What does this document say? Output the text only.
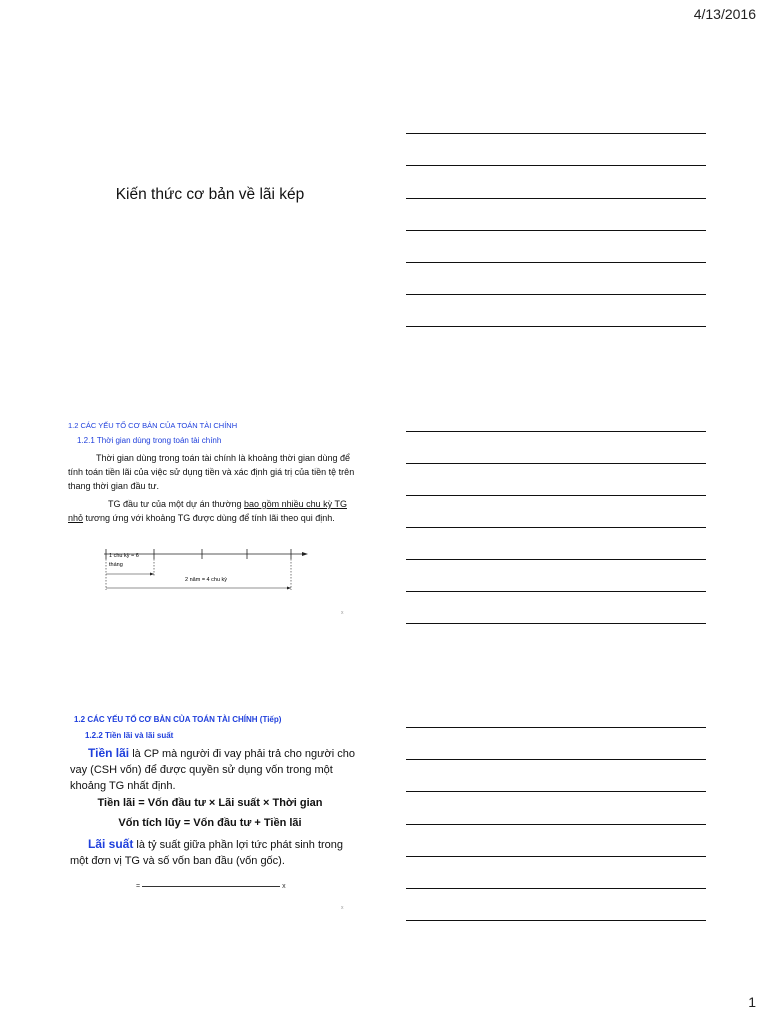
4/13/2016
Kiến thức cơ bản về lãi kép
1.2 CÁC YẾU TỐ CƠ BẢN CỦA TOÁN TÀI CHÍNH
1.2.1 Thời gian dùng trong toán tài chính
Thời gian dùng trong toán tài chính là khoảng thời gian dùng để tính toán tiền lãi của việc sử dụng tiền và xác định giá trị của tiền tệ trên thang thời gian đầu tư.
TG đầu tư của một dự án thường bao gồm nhiều chu kỳ TG nhỏ tương ứng với khoảng TG được dùng để tính lãi theo qui định.
1 chu kỳ = 6
tháng
2 năm = 4 chu kỳ
x
1.2 CÁC YẾU TỐ CƠ BẢN CỦA TOÁN TÀI CHÍNH (Tiếp)
1.2.2 Tiền lãi và lãi suất
Tiền lãi là CP mà người đi vay phải trả cho người cho vay (CSH vốn) để được quyền sử dụng vốn trong một khoảng TG nhất định.
Tiền lãi = Vốn đầu tư × Lãi suất × Thời gian
Vốn tích lũy = Vốn đầu tư + Tiền lãi
Lãi suất là tỷ suất giữa phần lợi tức phát sinh trong một đơn vị TG và số vốn ban đầu (vốn gốc).
=	x
x
1
